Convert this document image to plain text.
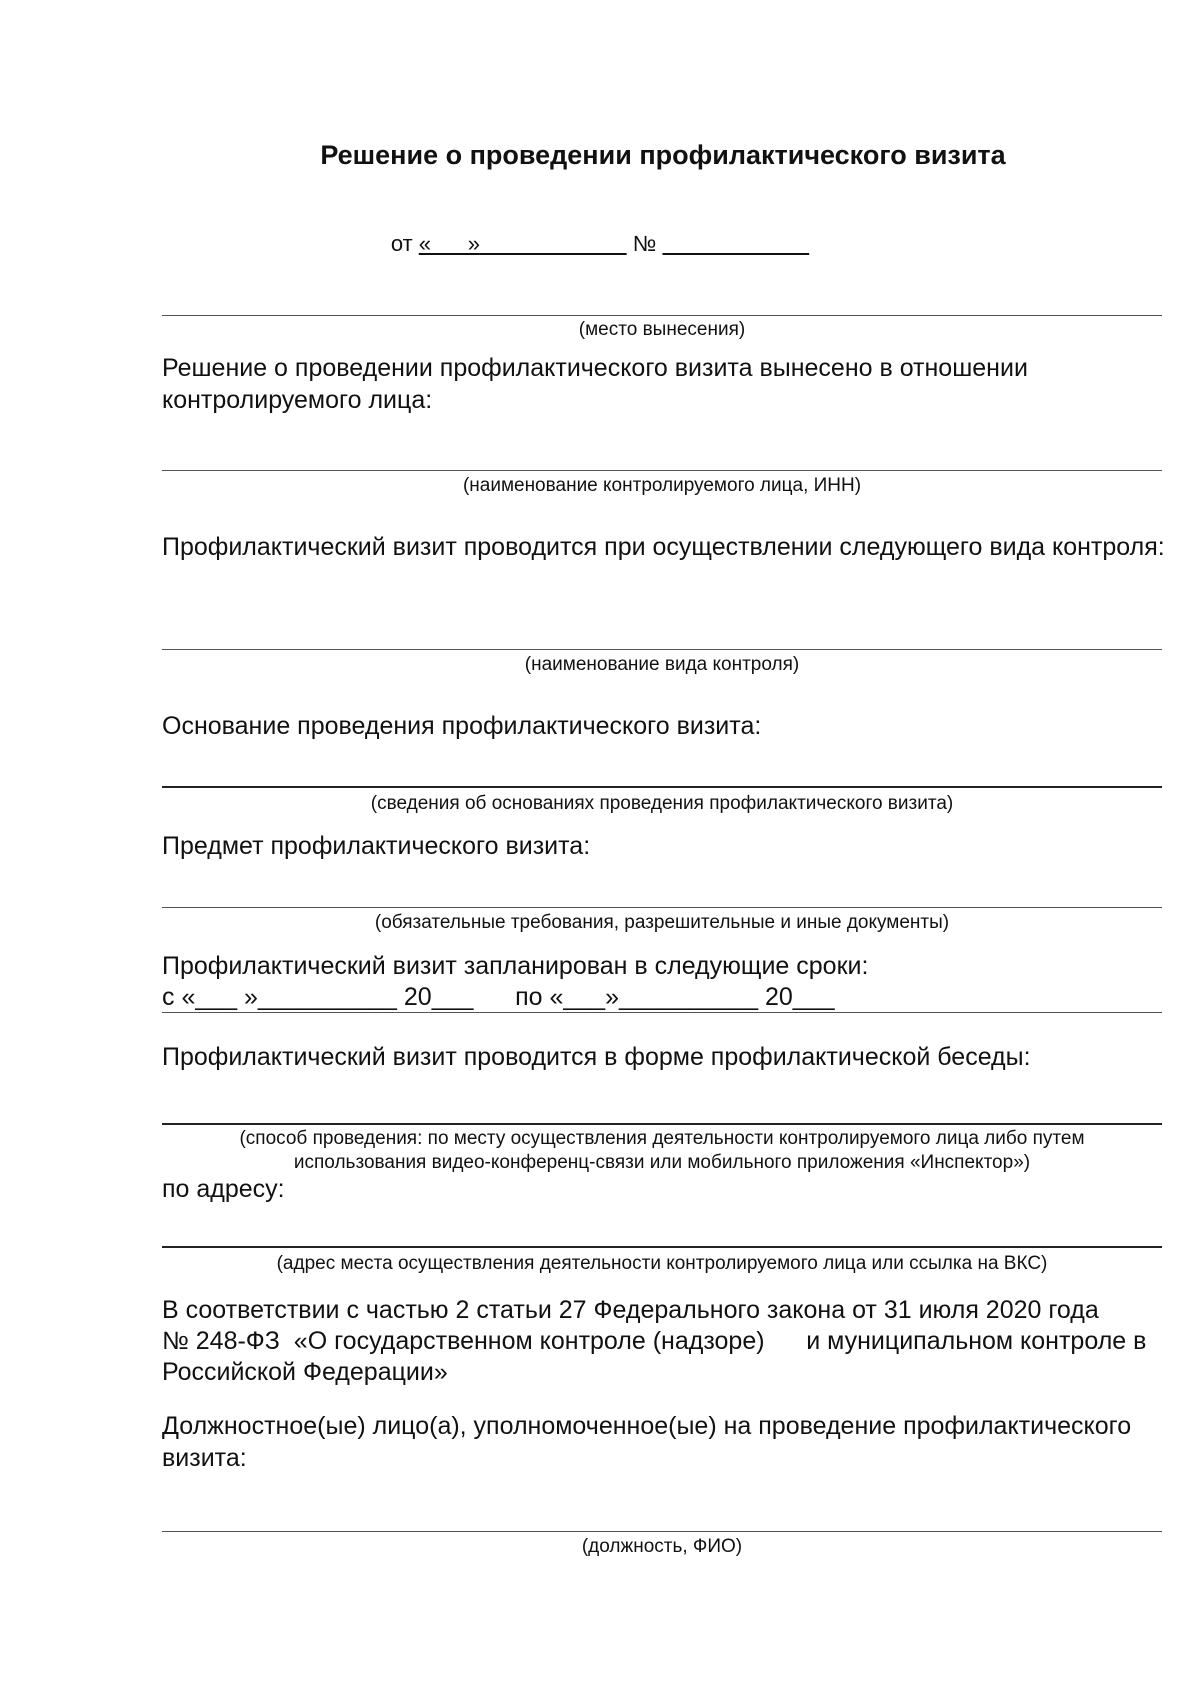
Решение о проведении профилактического визита
от «      »	№
(место вынесения)
Решение о проведении профилактического визита вынесено в отношении контролируемого лица:
(наименование контролируемого лица, ИНН)
Профилактический визит проводится при осуществлении следующего вида контроля:
(наименование вида контроля)
Основание проведения профилактического визита:
(сведения об основаниях проведения профилактического визита)
Предмет профилактического визита:
(обязательные требования, разрешительные и иные документы)
Профилактический визит запланирован в следующие сроки:
с «___ »__________ 20___      по «___»__________ 20___
Профилактический визит проводится в форме профилактической беседы:
(способ проведения: по месту осуществления деятельности контролируемого лица либо путем
использования видео-конференц-связи или мобильного приложения «Инспектор»)
по адресу:
(адрес места осуществления деятельности контролируемого лица или ссылка на ВКС)
В соответствии с частью 2 статьи 27 Федерального закона от 31 июля 2020 года
№ 248-ФЗ  «О государственном контроле (надзоре)      и муниципальном контроле в
Российской Федерации»
Должностное(ые) лицо(а), уполномоченное(ые) на проведение профилактического визита:
(должность, ФИО)
